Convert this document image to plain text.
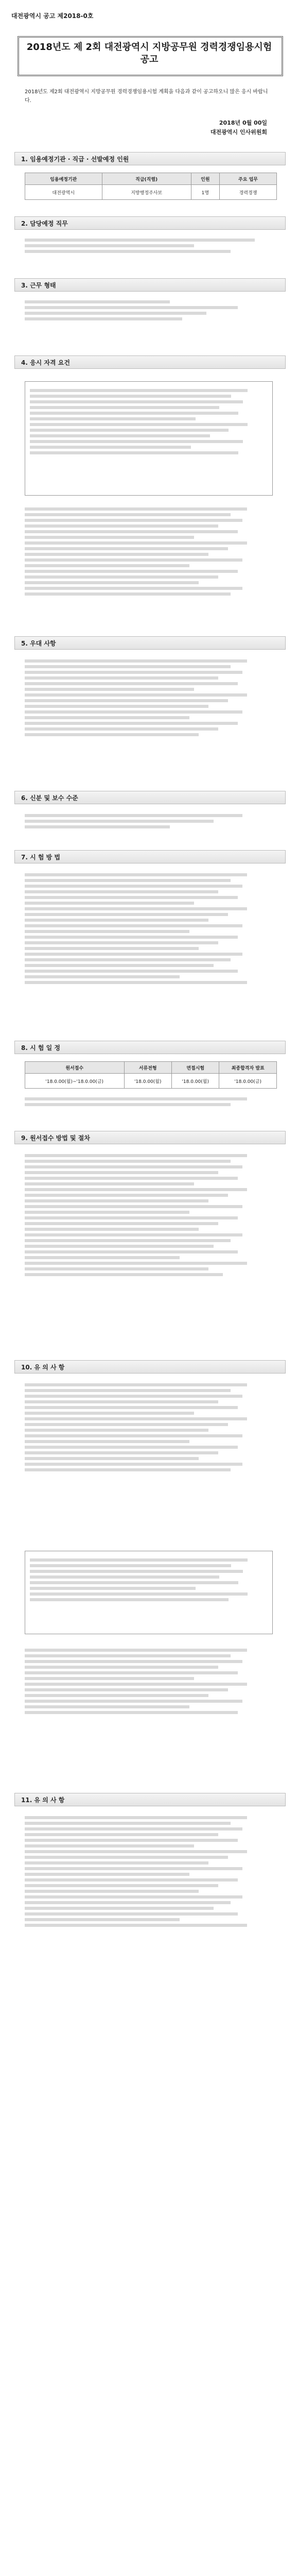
대전광역시 공고 제2018-0호
2018년도 제 2회 대전광역시 지방공무원 경력경쟁임용시험 공고
2018년도 제2회 대전광역시 지방공무원 경력경쟁임용시험 계획을 다음과 같이 공고하오니 많은 응시 바랍니다.
2018년 0월 00일
대전광역시 인사위원회
1. 임용예정기관 · 직급 · 선발예정 인원
임용예정기관	직급(직렬)	인원	주요 업무
대전광역시	지방행정주사보	1명	경력경쟁
2. 담당예정 직무
3. 근무 형태
4. 응시 자격 요건
5. 우대 사항
6. 신분 및 보수 수준
7. 시 험 방 법
8. 시 험 일 정
원서접수	서류전형	면접시험	최종합격자 발표
'18.0.00(월)~'18.0.00(금)	'18.0.00(월)	'18.0.00(월)	'18.0.00(금)
9. 원서접수 방법 및 절차
10. 유 의 사 항
11. 유 의 사 항
